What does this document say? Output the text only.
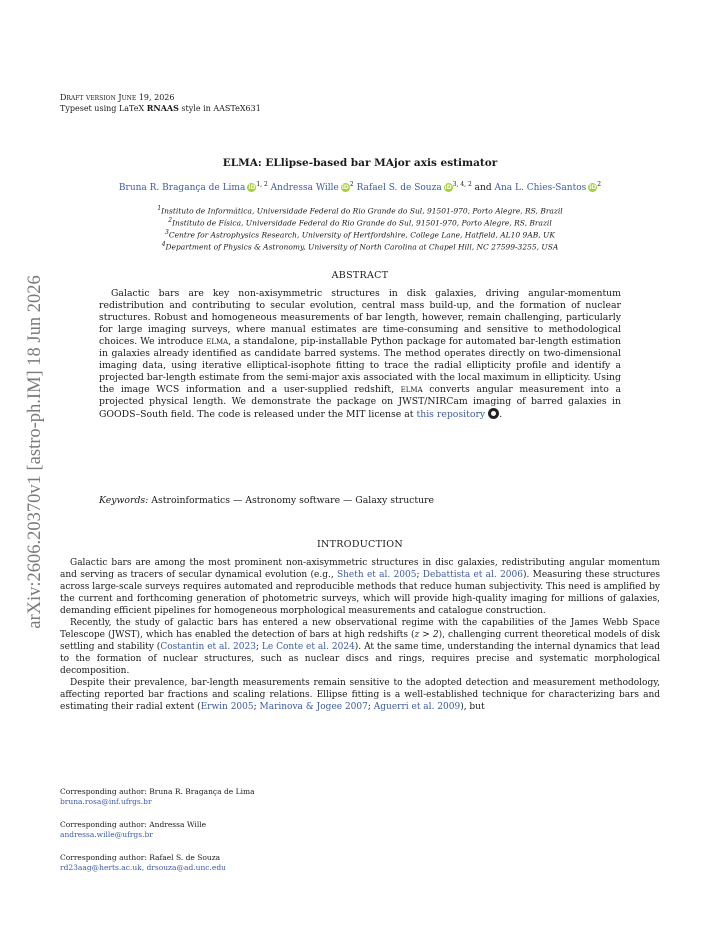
Draft version June 19, 2026
Typeset using LaTeX RNAAS style in AASTeX631
arXiv:2606.20370v1 [astro-ph.IM] 18 Jun 2026
ELMA: ELlipse-based bar MAjor axis estimator
Bruna R. Bragança de Lima iD$^{1, 2}$ Andressa Wille $iD^2$ Rafael S. de Souza iD$^{3, 4, 2}$ and Ana L. Chies-Santos $iD^2$
$^1$Instituto de Informática, Universidade Federal do Rio Grande do Sul, 91501-970, Porto Alegre, RS, Brazil
$^2$Instituto de Física, Universidade Federal do Rio Grande do Sul, 91501-970, Porto Alegre, RS, Brazil
$^3$Centre for Astrophysics Research, University of Hertfordshire, College Lane, Hatfield, AL10 9AB, UK
$^4$Department of Physics & Astronomy, University of North Carolina at Chapel Hill, NC 27599-3255, USA
ABSTRACT
Galactic bars are key non-axisymmetric structures in disk galaxies, driving angular-momentum redistribution and contributing to secular evolution, central mass build-up, and the formation of nuclear structures. Robust and homogeneous measurements of bar length, however, remain challenging, particularly for large imaging surveys, where manual estimates are time-consuming and sensitive to methodological choices. We introduce elma, a standalone, pip-installable Python package for automated bar-length estimation in galaxies already identified as candidate barred systems. The method operates directly on two-dimensional imaging data, using iterative elliptical-isophote fitting to trace the radial ellipticity profile and identify a projected bar-length estimate from the semi-major axis associated with the local maximum in ellipticity. Using the image WCS information and a user-supplied redshift, elma converts angular measurement into a projected physical length. We demonstrate the package on JWST/NIRCam imaging of barred galaxies in GOODS–South field. The code is released under the MIT license at this repository .
Keywords: Astroinformatics — Astronomy software — Galaxy structure
INTRODUCTION
Galactic bars are among the most prominent non-axisymmetric structures in disc galaxies, redistributing angular momentum and serving as tracers of secular dynamical evolution (e.g., Sheth et al. 2005; Debattista et al. 2006). Measuring these structures across large-scale surveys requires automated and reproducible methods that reduce human subjectivity. This need is amplified by the current and forthcoming generation of photometric surveys, which will provide high-quality imaging for millions of galaxies, demanding efficient pipelines for homogeneous morphological measurements and catalogue construction.
Recently, the study of galactic bars has entered a new observational regime with the capabilities of the James Webb Space Telescope (JWST), which has enabled the detection of bars at high redshifts (z > 2), challenging current theoretical models of disk settling and stability (Costantin et al. 2023; Le Conte et al. 2024). At the same time, understanding the internal dynamics that lead to the formation of nuclear structures, such as nuclear discs and rings, requires precise and systematic morphological decomposition.
Despite their prevalence, bar-length measurements remain sensitive to the adopted detection and measurement methodology, affecting reported bar fractions and scaling relations. Ellipse fitting is a well-established technique for characterizing bars and estimating their radial extent (Erwin 2005; Marinova & Jogee 2007; Aguerri et al. 2009), but
Corresponding author: Bruna R. Bragança de Lima
bruna.rosa@inf.ufrgs.br
Corresponding author: Andressa Wille
andressa.wille@ufrgs.br
Corresponding author: Rafael S. de Souza
rd23aag@herts.ac.uk, drsouza@ad.unc.edu
